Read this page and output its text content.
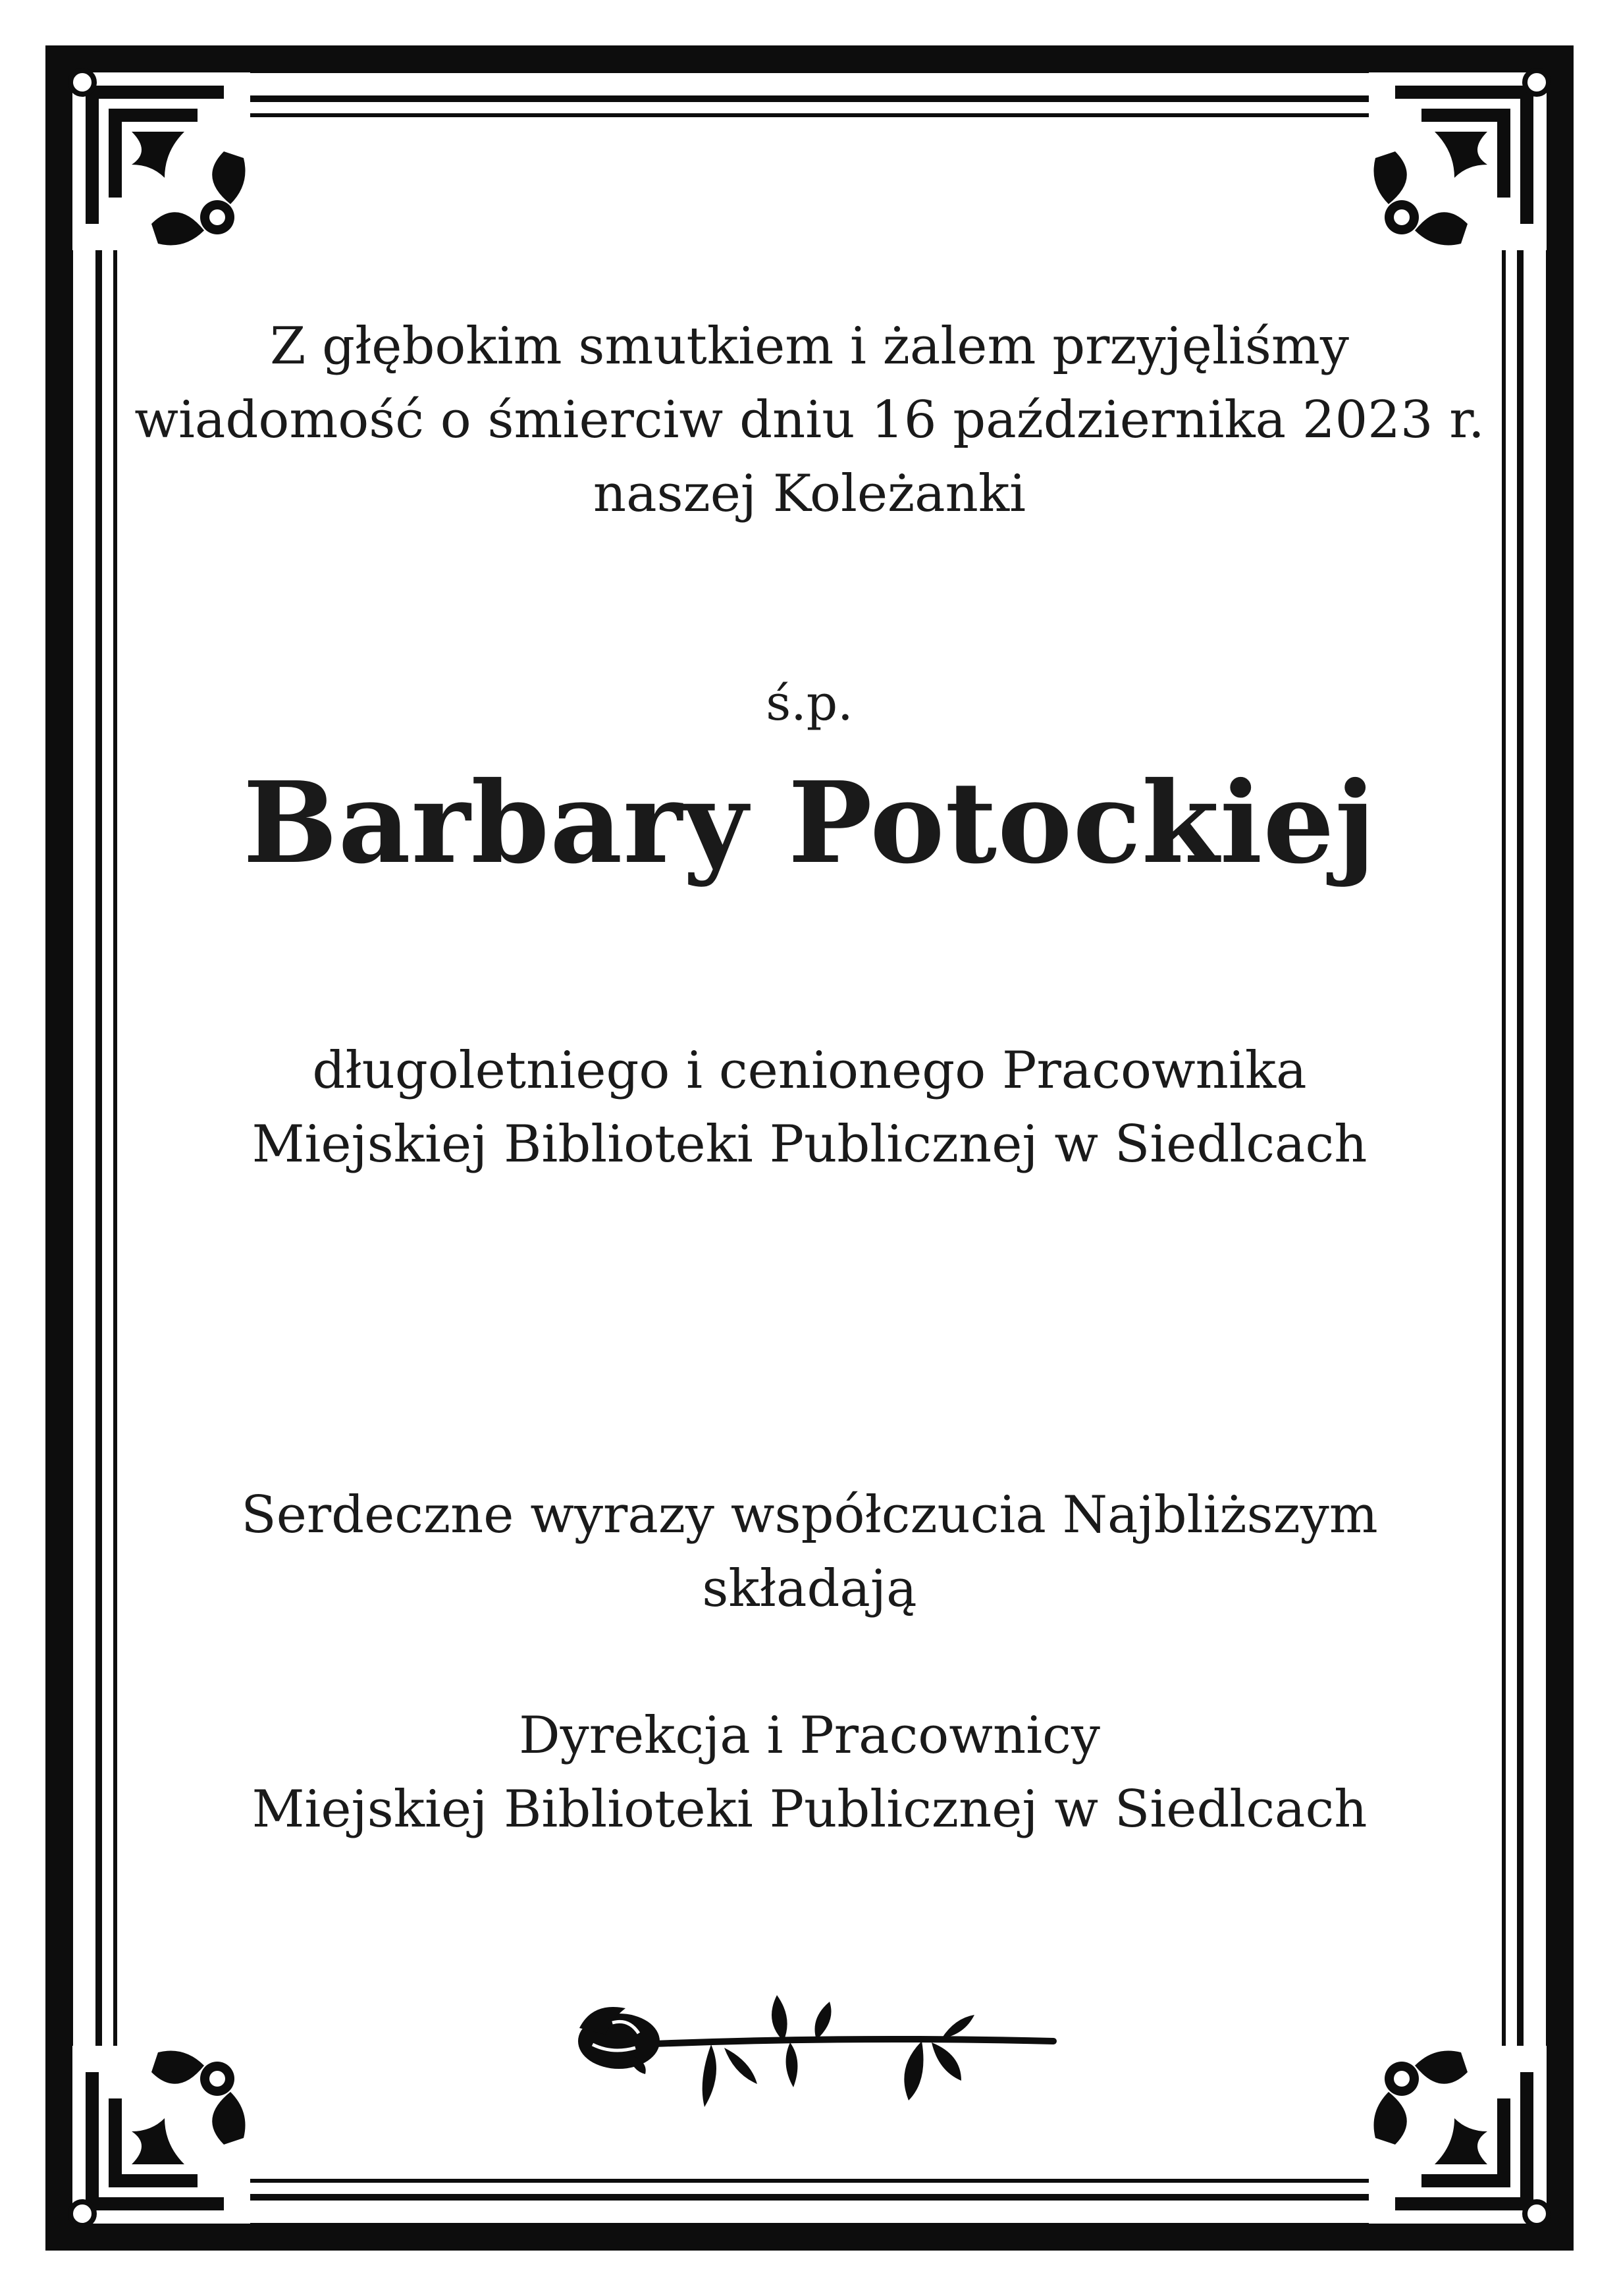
Z głębokim smutkiem i żalem przyjęliśmy
wiadomość o śmierciw dniu 16 października 2023 r.
naszej Koleżanki
ś.p.
Barbary Potockiej
długoletniego i cenionego Pracownika
Miejskiej Biblioteki Publicznej w Siedlcach
Serdeczne wyrazy współczucia Najbliższym
składają
Dyrekcja i Pracownicy
Miejskiej Biblioteki Publicznej w Siedlcach
